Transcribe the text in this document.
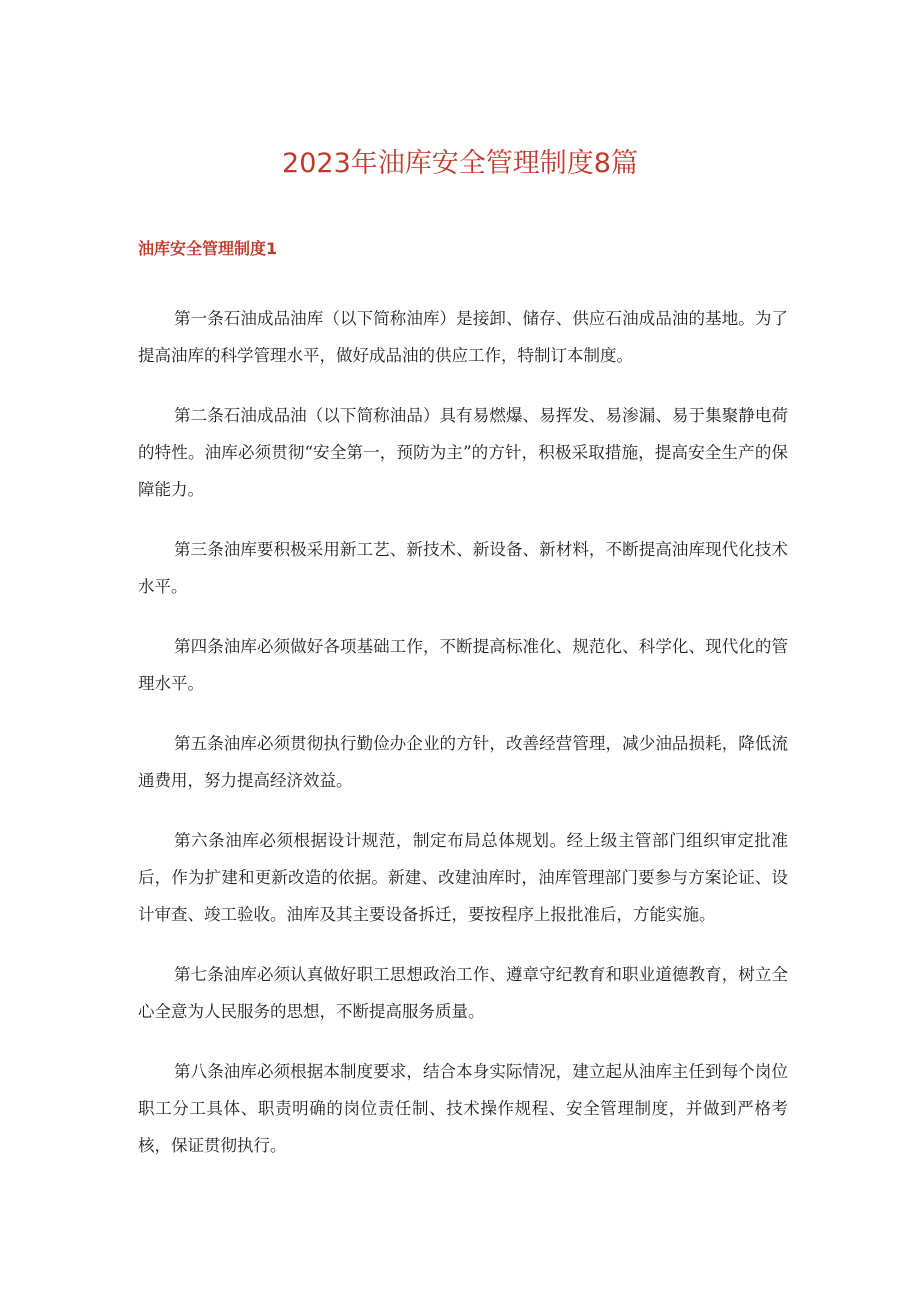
2023年油库安全管理制度8篇
油库安全管理制度1

第一条石油成品油库（以下简称油库）是接卸、储存、供应石油成品油的基地。为了提高油库的科学管理水平，做好成品油的供应工作，特制订本制度。

第二条石油成品油（以下简称油品）具有易燃爆、易挥发、易渗漏、易于集聚静电荷的特性。油库必须贯彻“安全第一，预防为主”的方针，积极采取措施，提高安全生产的保障能力。

第三条油库要积极采用新工艺、新技术、新设备、新材料，不断提高油库现代化技术水平。

第四条油库必须做好各项基础工作，不断提高标准化、规范化、科学化、现代化的管理水平。

第五条油库必须贯彻执行勤俭办企业的方针，改善经营管理，减少油品损耗，降低流通费用，努力提高经济效益。

第六条油库必须根据设计规范，制定布局总体规划。经上级主管部门组织审定批准后，作为扩建和更新改造的依据。新建、改建油库时，油库管理部门要参与方案论证、设计审查、竣工验收。油库及其主要设备拆迁，要按程序上报批准后，方能实施。

第七条油库必须认真做好职工思想政治工作、遵章守纪教育和职业道德教育，树立全心全意为人民服务的思想，不断提高服务质量。

第八条油库必须根据本制度要求，结合本身实际情况，建立起从油库主任到每个岗位职工分工具体、职责明确的岗位责任制、技术操作规程、安全管理制度，并做到严格考核，保证贯彻执行。
